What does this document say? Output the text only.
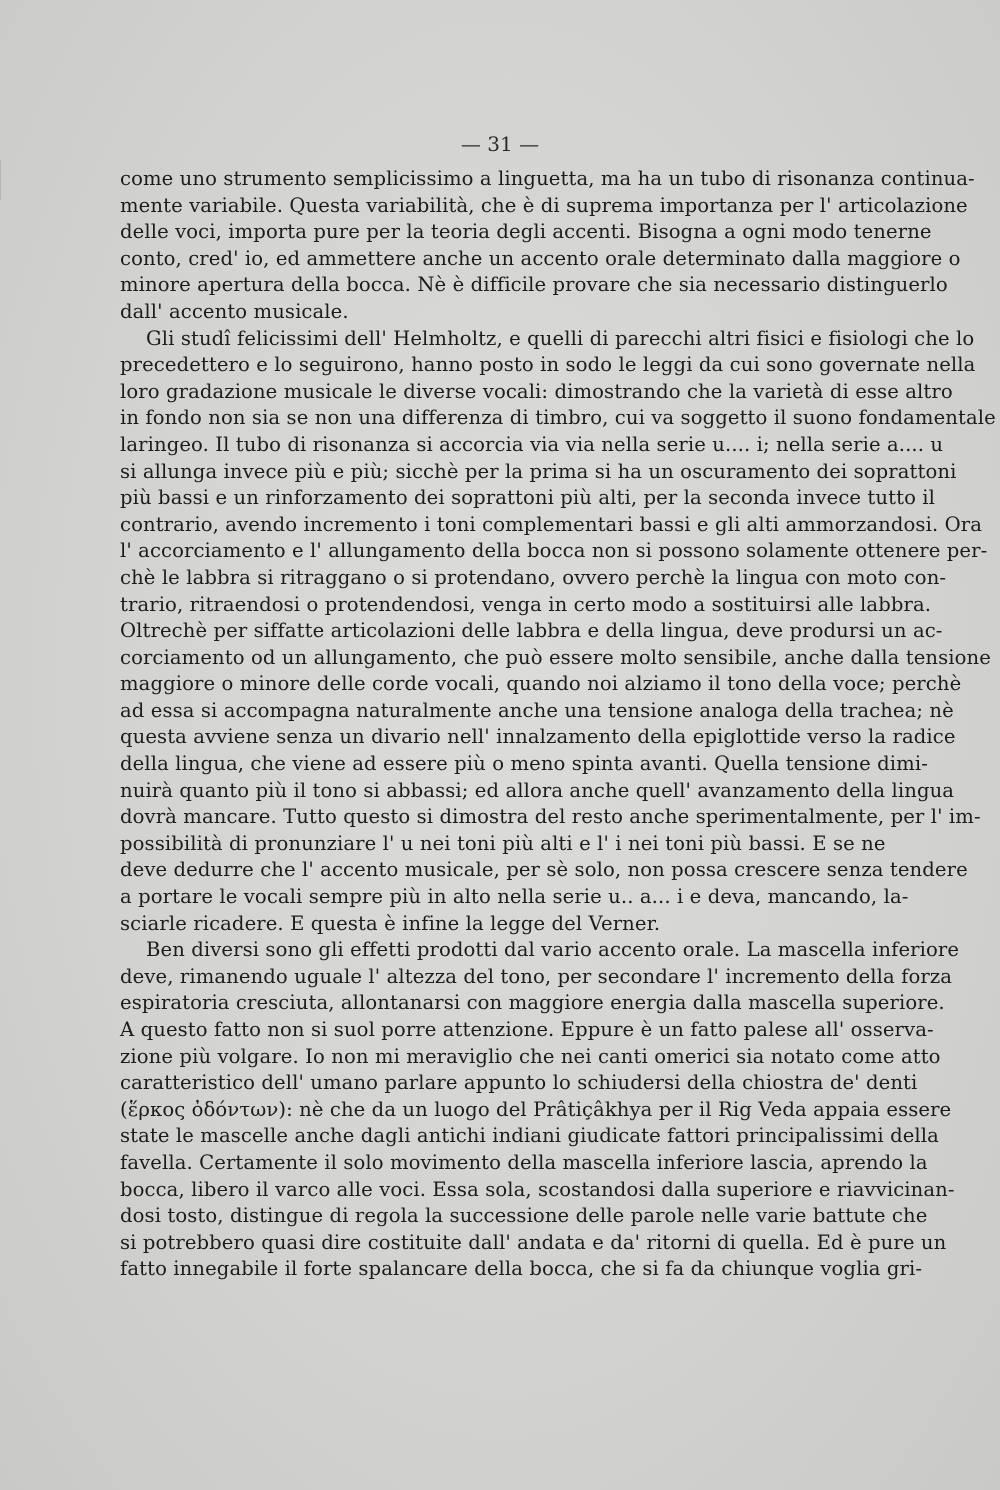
— 31 —
come uno strumento semplicissimo a linguetta, ma ha un tubo di risonanza continua-
mente variabile. Questa variabilità, che è di suprema importanza per l' articolazione
delle voci, importa pure per la teoria degli accenti. Bisogna a ogni modo tenerne
conto, cred' io, ed ammettere anche un accento orale determinato dalla maggiore o
minore apertura della bocca. Nè è difficile provare che sia necessario distinguerlo
dall' accento musicale.
Gli studî felicissimi dell' Helmholtz, e quelli di parecchi altri fisici e fisiologi che lo
precedettero e lo seguirono, hanno posto in sodo le leggi da cui sono governate nella
loro gradazione musicale le diverse vocali: dimostrando che la varietà di esse altro
in fondo non sia se non una differenza di timbro, cui va soggetto il suono fondamentale
laringeo. Il tubo di risonanza si accorcia via via nella serie u.... i; nella serie a.... u
si allunga invece più e più; sicchè per la prima si ha un oscuramento dei soprattoni
più bassi e un rinforzamento dei soprattoni più alti, per la seconda invece tutto il
contrario, avendo incremento i toni complementari bassi e gli alti ammorzandosi. Ora
l' accorciamento e l' allungamento della bocca non si possono solamente ottenere per-
chè le labbra si ritraggano o si protendano, ovvero perchè la lingua con moto con-
trario, ritraendosi o protendendosi, venga in certo modo a sostituirsi alle labbra.
Oltrechè per siffatte articolazioni delle labbra e della lingua, deve prodursi un ac-
corciamento od un allungamento, che può essere molto sensibile, anche dalla tensione
maggiore o minore delle corde vocali, quando noi alziamo il tono della voce; perchè
ad essa si accompagna naturalmente anche una tensione analoga della trachea; nè
questa avviene senza un divario nell' innalzamento della epiglottide verso la radice
della lingua, che viene ad essere più o meno spinta avanti. Quella tensione dimi-
nuirà quanto più il tono si abbassi; ed allora anche quell' avanzamento della lingua
dovrà mancare. Tutto questo si dimostra del resto anche sperimentalmente, per l' im-
possibilità di pronunziare l' u nei toni più alti e l' i nei toni più bassi. E se ne
deve dedurre che l' accento musicale, per sè solo, non possa crescere senza tendere
a portare le vocali sempre più in alto nella serie u.. a... i e deva, mancando, la-
sciarle ricadere. E questa è infine la legge del Verner.
Ben diversi sono gli effetti prodotti dal vario accento orale. La mascella inferiore
deve, rimanendo uguale l' altezza del tono, per secondare l' incremento della forza
espiratoria cresciuta, allontanarsi con maggiore energia dalla mascella superiore.
A questo fatto non si suol porre attenzione. Eppure è un fatto palese all' osserva-
zione più volgare. Io non mi meraviglio che nei canti omerici sia notato come atto
caratteristico dell' umano parlare appunto lo schiudersi della chiostra de' denti
(ἕρκος ὀδόντων): nè che da un luogo del Prâtiçâkhya per il Rig Veda appaia essere
state le mascelle anche dagli antichi indiani giudicate fattori principalissimi della
favella. Certamente il solo movimento della mascella inferiore lascia, aprendo la
bocca, libero il varco alle voci. Essa sola, scostandosi dalla superiore e riavvicinan-
dosi tosto, distingue di regola la successione delle parole nelle varie battute che
si potrebbero quasi dire costituite dall' andata e da' ritorni di quella. Ed è pure un
fatto innegabile il forte spalancare della bocca, che si fa da chiunque voglia gri-
